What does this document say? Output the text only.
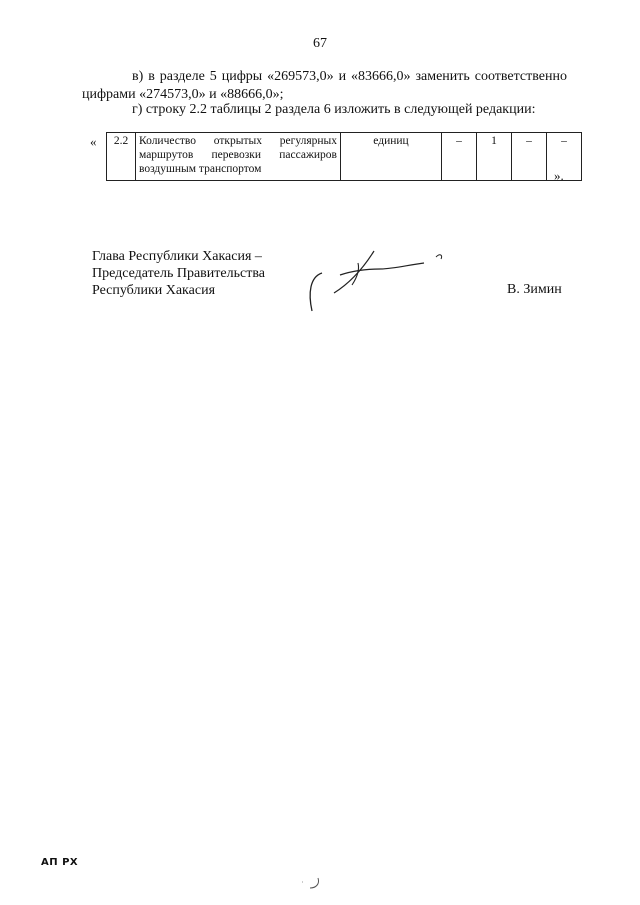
67
в) в разделе 5 цифры «269573,0» и «83666,0» заменить соответственно цифрами «274573,0» и «88666,0»;
г) строку 2.2 таблицы 2 раздела 6 изложить в следующей редакции:
« 2.2	Количество открытых регулярных маршрутов перевозки пассажиров воздушным транспортом	единиц	–	1	–	–
».
Глава Республики Хакасия –
Председатель Правительства
Республики Хакасия	В. Зимин
АП РХ
